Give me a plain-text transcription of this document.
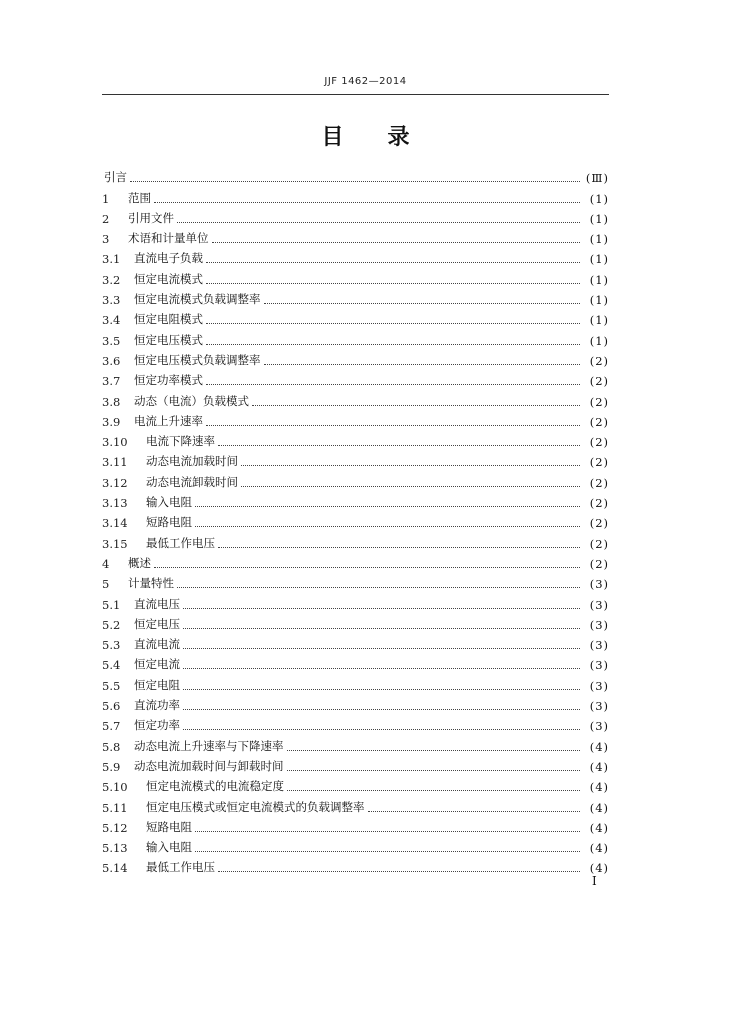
JJF 1462—2014
目 录
引言	(Ⅲ)
1	范围	(1)
2	引用文件	(1)
3	术语和计量单位	(1)
3.1	直流电子负载	(1)
3.2	恒定电流模式	(1)
3.3	恒定电流模式负载调整率	(1)
3.4	恒定电阻模式	(1)
3.5	恒定电压模式	(1)
3.6	恒定电压模式负载调整率	(2)
3.7	恒定功率模式	(2)
3.8	动态（电流）负载模式	(2)
3.9	电流上升速率	(2)
3.10	电流下降速率	(2)
3.11	动态电流加载时间	(2)
3.12	动态电流卸载时间	(2)
3.13	输入电阻	(2)
3.14	短路电阻	(2)
3.15	最低工作电压	(2)
4	概述	(2)
5	计量特性	(3)
5.1	直流电压	(3)
5.2	恒定电压	(3)
5.3	直流电流	(3)
5.4	恒定电流	(3)
5.5	恒定电阻	(3)
5.6	直流功率	(3)
5.7	恒定功率	(3)
5.8	动态电流上升速率与下降速率	(4)
5.9	动态电流加载时间与卸载时间	(4)
5.10	恒定电流模式的电流稳定度	(4)
5.11	恒定电压模式或恒定电流模式的负载调整率	(4)
5.12	短路电阻	(4)
5.13	输入电阻	(4)
5.14	最低工作电压	(4)
I
